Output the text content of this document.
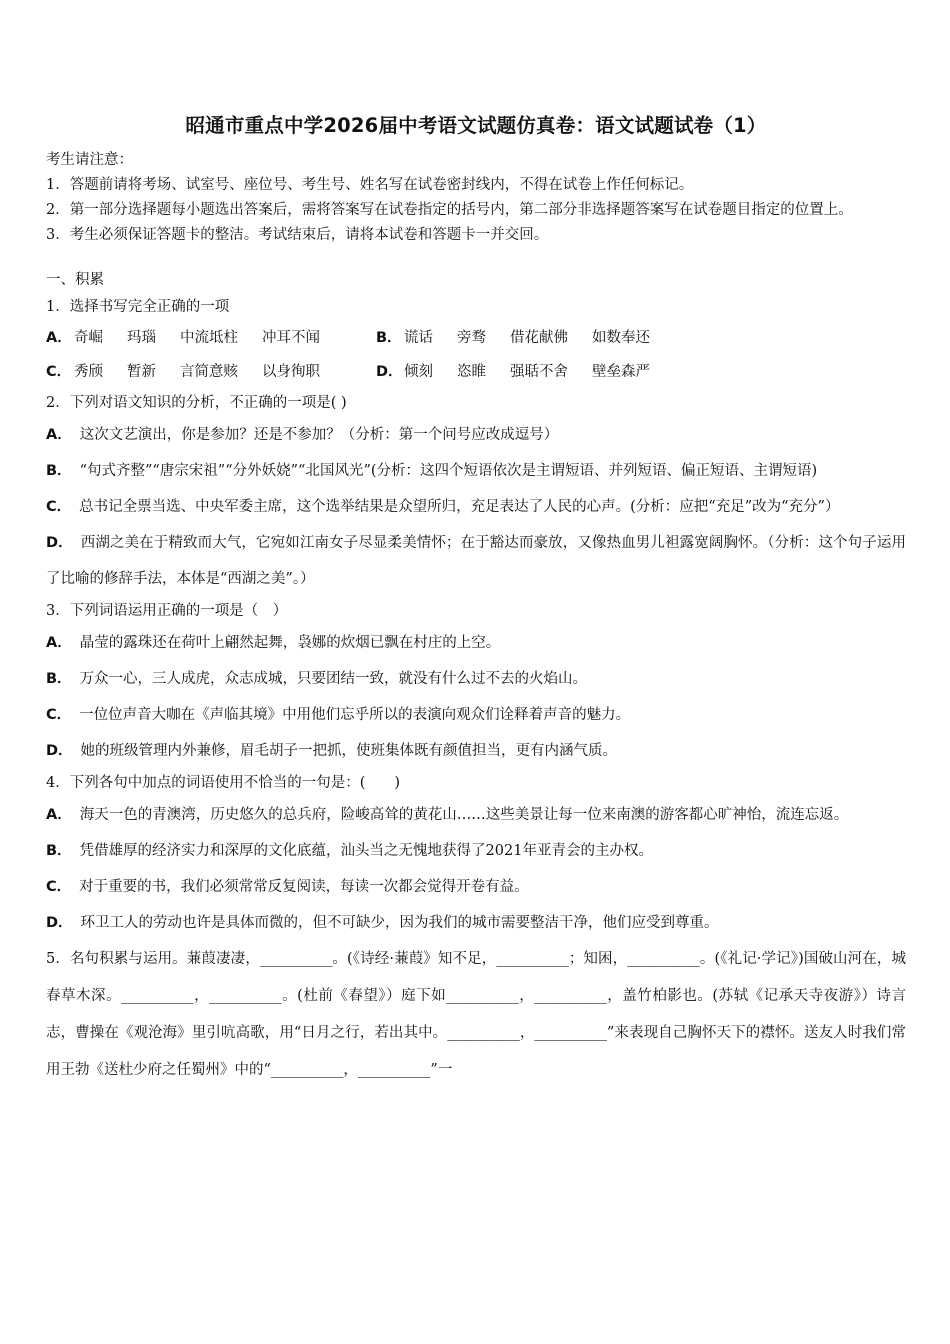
昭通市重点中学2026届中考语文试题仿真卷：语文试题试卷（1）
考生请注意：
1．答题前请将考场、试室号、座位号、考生号、姓名写在试卷密封线内，不得在试卷上作任何标记。
2．第一部分选择题每小题选出答案后，需将答案写在试卷指定的括号内，第二部分非选择题答案写在试卷题目指定的位置上。
3．考生必须保证答题卡的整洁。考试结束后，请将本试卷和答题卡一并交回。
一、积累
1．选择书写完全正确的一项
A． 奇崛 玛瑙 中流坻柱 冲耳不闻	B． 谎话 旁骛 借花献佛 如数奉还
C． 秀颀 暂新 言简意赅 以身徇职	D． 倾刻 恣睢 强聒不舍 壁垒森严
2．下列对语文知识的分析，不正确的一项是( )
A． 这次文艺演出，你是参加？还是不参加？（分析：第一个问号应改成逗号）
B． “句式齐整”“唐宗宋祖”“分外妖娆”“北国风光”(分析：这四个短语依次是主谓短语、并列短语、偏正短语、主谓短语)
C． 总书记全票当选、中央军委主席，这个选举结果是众望所归，充足表达了人民的心声。(分析：应把“充足”改为“充分”）
D． 西湖之美在于精致而大气，它宛如江南女子尽显柔美情怀；在于豁达而豪放，又像热血男儿袒露宽阔胸怀。（分析：这个句子运用了比喻的修辞手法，本体是“西湖之美”。）
3．下列词语运用正确的一项是（　）
A． 晶莹的露珠还在荷叶上翩然起舞，袅娜的炊烟已飘在村庄的上空。
B． 万众一心，三人成虎，众志成城，只要团结一致，就没有什么过不去的火焰山。
C． 一位位声音大咖在《声临其境》中用他们忘乎所以的表演向观众们诠释着声音的魅力。
D． 她的班级管理内外兼修，眉毛胡子一把抓，使班集体既有颜值担当，更有内涵气质。
4．下列各句中加点的词语使用不恰当的一句是：(　　)
A． 海天一色的青澳湾，历史悠久的总兵府，险峻高耸的黄花山……这些美景让每一位来南澳的游客都心旷神怡，流连忘返。
B． 凭借雄厚的经济实力和深厚的文化底蕴，汕头当之无愧地获得了2021年亚青会的主办权。
C． 对于重要的书，我们必须常常反复阅读，每读一次都会觉得开卷有益。
D． 环卫工人的劳动也许是具体而微的，但不可缺少，因为我们的城市需要整洁干净，他们应受到尊重。
5．名句积累与运用。蒹葭凄凄，__________。(《诗经·蒹葭》知不足，__________；知困，__________。(《礼记·学记》)国破山河在，城春草木深。__________，__________。(杜前《春望》）庭下如__________，__________，盖竹柏影也。(苏轼《记承天寺夜游》）诗言志，曹操在《观沧海》里引吭高歌，用“日月之行，若出其中。__________，__________”来表现自己胸怀天下的襟怀。送友人时我们常用王勃《送杜少府之任蜀州》中的“__________，__________”一
